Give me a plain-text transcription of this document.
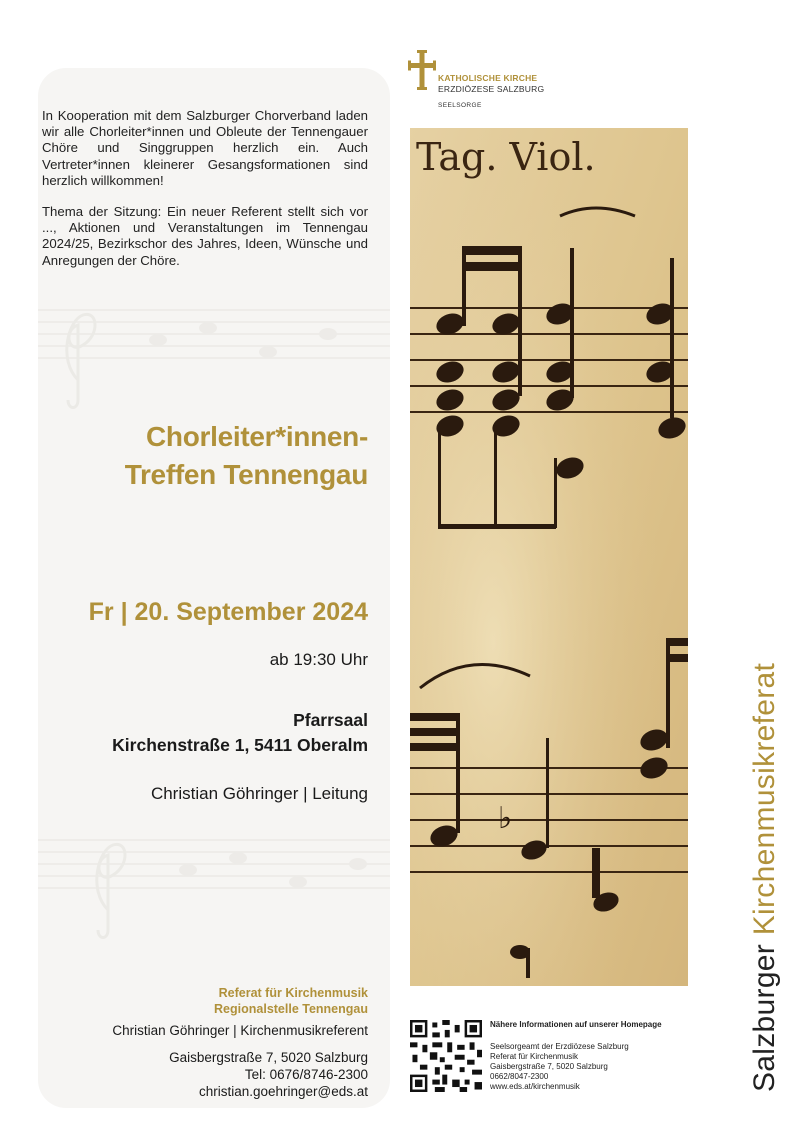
In Kooperation mit dem Salzburger Chorverband laden wir alle Chorleiter*innen und Obleute der Tennengauer Chöre und Singgruppen herzlich ein. Auch Vertreter*innen kleinerer Gesangsformationen sind herzlich willkommen!

Thema der Sitzung: Ein neuer Referent stellt sich vor ..., Aktionen und Veranstaltungen im Tennengau 2024/25, Bezirkschor des Jahres, Ideen, Wünsche und Anregungen der Chöre.

Chorleiter*innen-
Treffen Tennengau
Fr | 20. September 2024
ab 19:30 Uhr
Pfarrsaal
Kirchenstraße 1, 5411 Oberalm
Christian Göhringer | Leitung
Referat für Kirchenmusik
Regionalstelle Tennengau
Christian Göhringer | Kirchenmusikreferent
Gaisbergstraße 7, 5020 Salzburg
Tel: 0676/8746-2300
christian.goehringer@eds.at
KATHOLISCHE KIRCHE
ERZDIÖZESE SALZBURG
SEELSORGE
Tag. Viol.
♭
Salzburger Kirchenmusikreferat
Nähere Informationen auf unserer Homepage
Seelsorgeamt der Erzdiözese Salzburg
Referat für Kirchenmusik
Gaisbergstraße 7, 5020 Salzburg
0662/8047-2300
www.eds.at/kirchenmusik
